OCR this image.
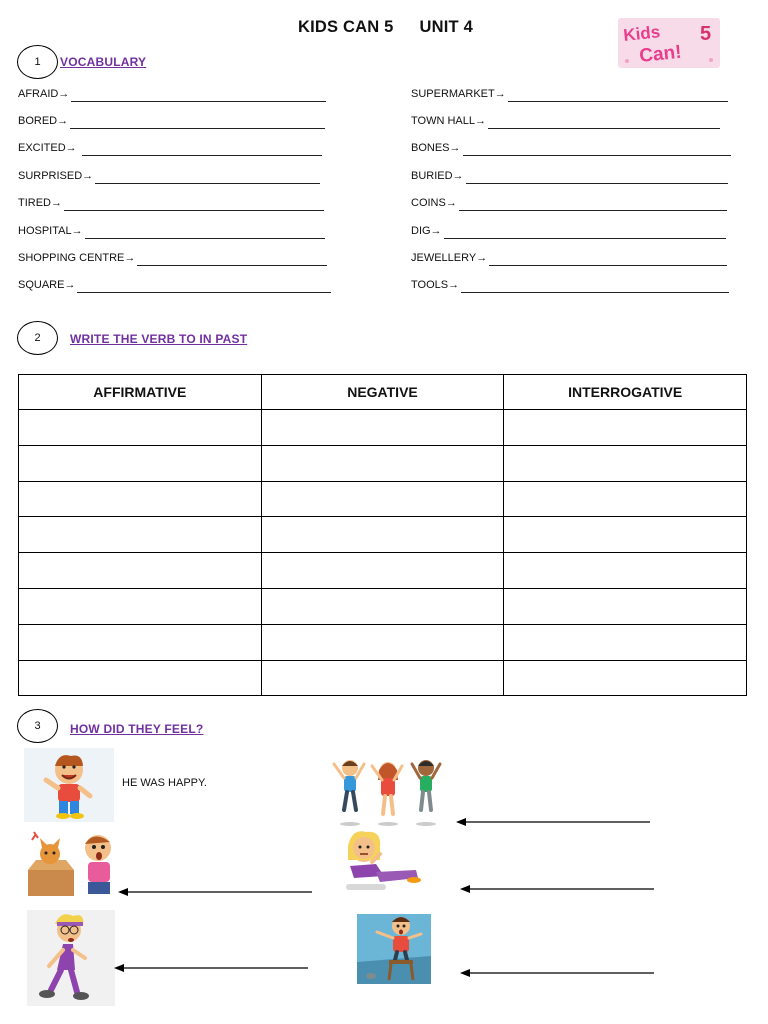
KIDS CAN 5 UNIT 4	Kids
Can!
5
1	VOCABULARY
AFRAID→
BORED→
EXCITED→
SURPRISED→
TIRED→
HOSPITAL→
SHOPPING CENTRE→
SQUARE→
SUPERMARKET→
TOWN HALL→
BONES→
BURIED→
COINS→
DIG→
JEWELLERY→
TOOLS→
2	WRITE THE VERB TO IN PAST
AFFIRMATIVE	NEGATIVE	INTERROGATIVE

3	HOW DID THEY FEEL?
HE WAS HAPPY.
